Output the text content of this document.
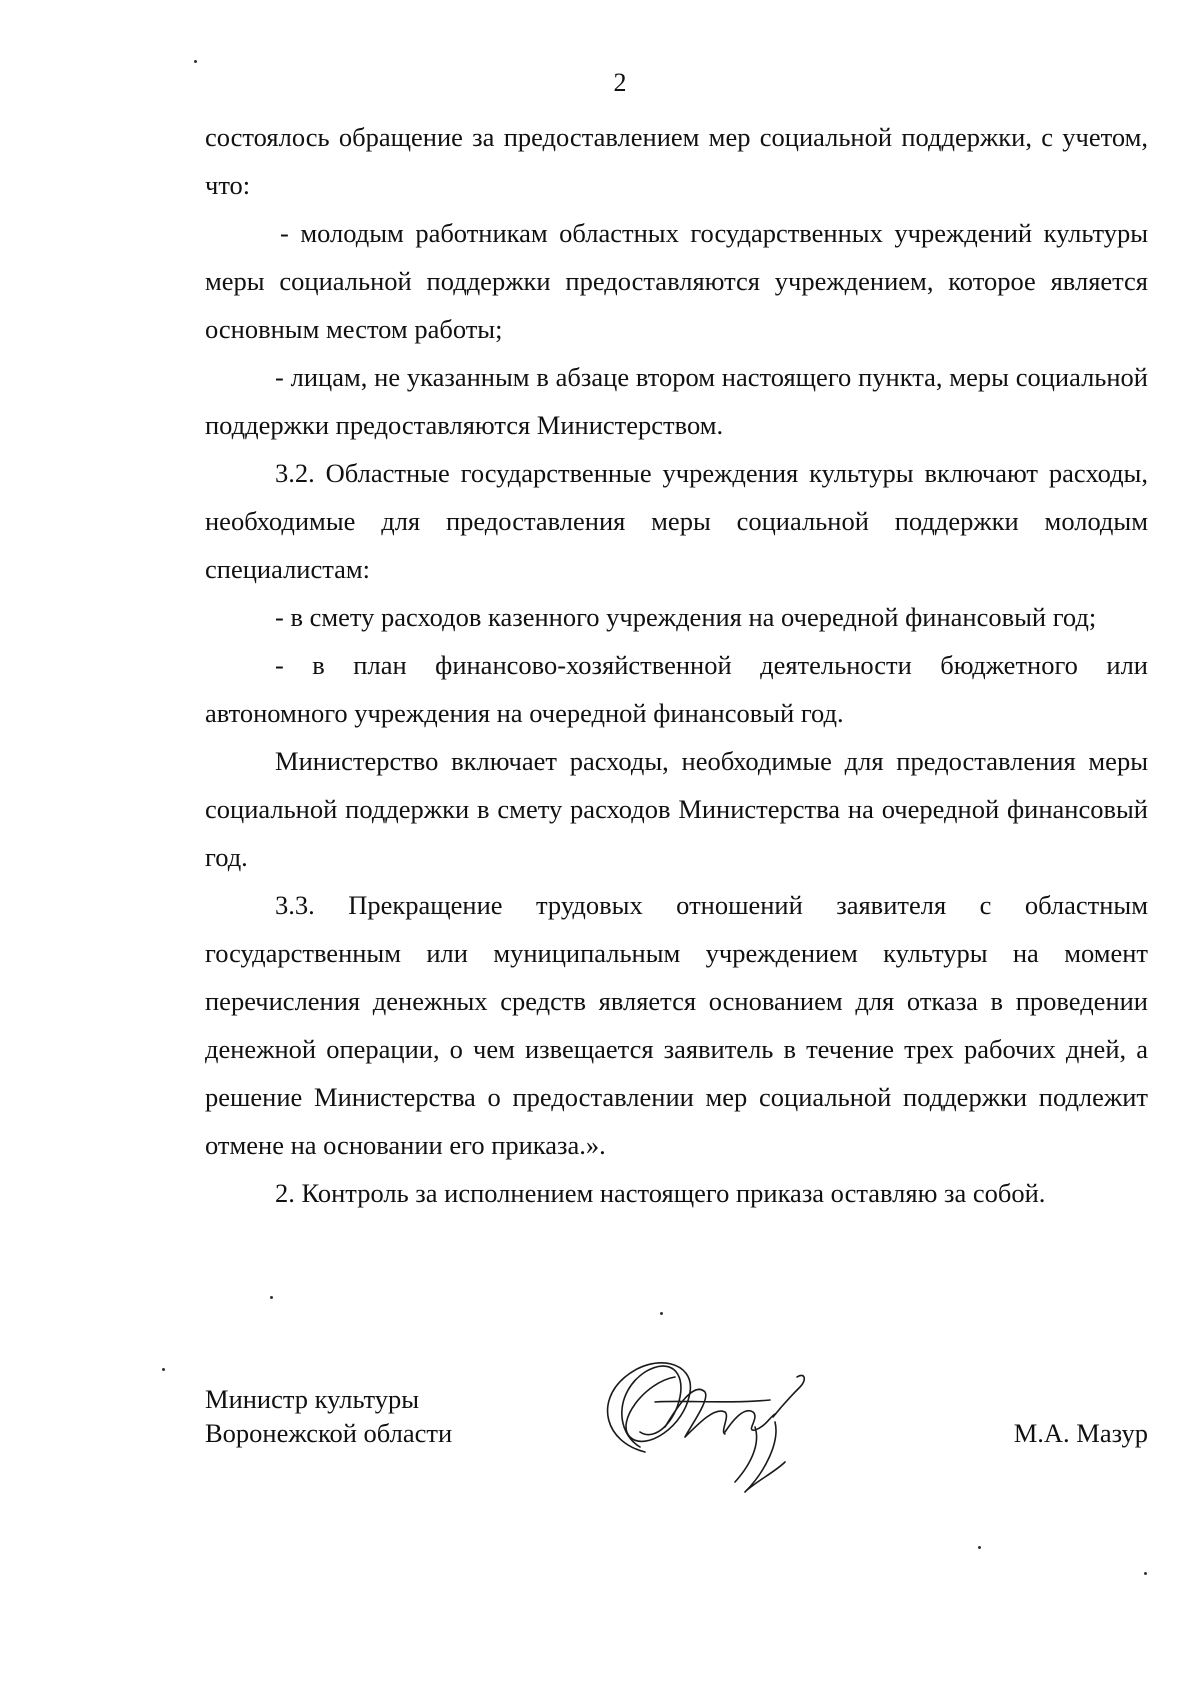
2

состоялось обращение за предоставлением мер социальной поддержки, с учетом, что:

- молодым работникам областных государственных учреждений культуры меры социальной поддержки предоставляются учреждением, которое является основным местом работы;

- лицам, не указанным в абзаце втором настоящего пункта, меры социальной поддержки предоставляются Министерством.

3.2. Областные государственные учреждения культуры включают расходы, необходимые для предоставления меры социальной поддержки молодым специалистам:

- в смету расходов казенного учреждения на очередной финансовый год;

- в план финансово-хозяйственной деятельности бюджетного или автономного учреждения на очередной финансовый год.

Министерство включает расходы, необходимые для предоставления меры социальной поддержки в смету расходов Министерства на очередной финансовый год.

3.3. Прекращение трудовых отношений заявителя с областным государственным или муниципальным учреждением культуры на момент перечисления денежных средств является основанием для отказа в проведении денежной операции, о чем извещается заявитель в течение трех рабочих дней, а решение Министерства о предоставлении мер социальной поддержки подлежит отмене на основании его приказа.».

2. Контроль за исполнением настоящего приказа оставляю за собой.

Министр культуры
Воронежской области	М.А. Мазур
